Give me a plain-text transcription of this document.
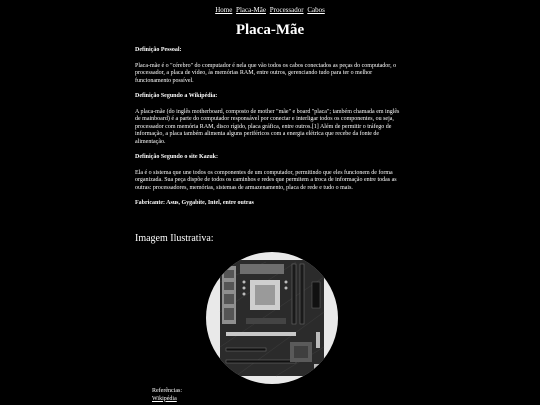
Home Placa-Mãe Processador Cabos
Placa-Mãe

Definição Pessoal:

Placa-mãe é o "cérebro" do computador é nela que vão todos os cabos conectados as peças do computador, o processador, a placa de vídeo, às memórias RAM, entre outros, gerenciando tudo para ter o melhor funcionamento possível.

Definição Segundo a Wikipédia:

A placa-mãe (do inglês motherboard, composto de mother "mãe" e board "placa"; também chamada em inglês de mainboard) é a parte do computador responsável por conectar e interligar todos os componentes, ou seja, processador com memória RAM, disco rígido, placa gráfica, entre outros.[1] Além de permitir o tráfego de informação, a placa também alimenta alguns periféricos com a energia elétrica que recebe da fonte de alimentação.

Definição Segundo o site Kazuk:

Ela é o sistema que une todos os componentes de um computador, permitindo que eles funcionem de forma organizada. Sua peça dispõe de todos os caminhos e redes que permitem a troca de informação entre todas as outras: processadores, memórias, sistemas de armazenamento, placa de rede e tudo o mais.

Fabricante: Asus, Gygabite, Intel, entre outras

Imagem Ilustrativa:
Referências:
Wikipédia
